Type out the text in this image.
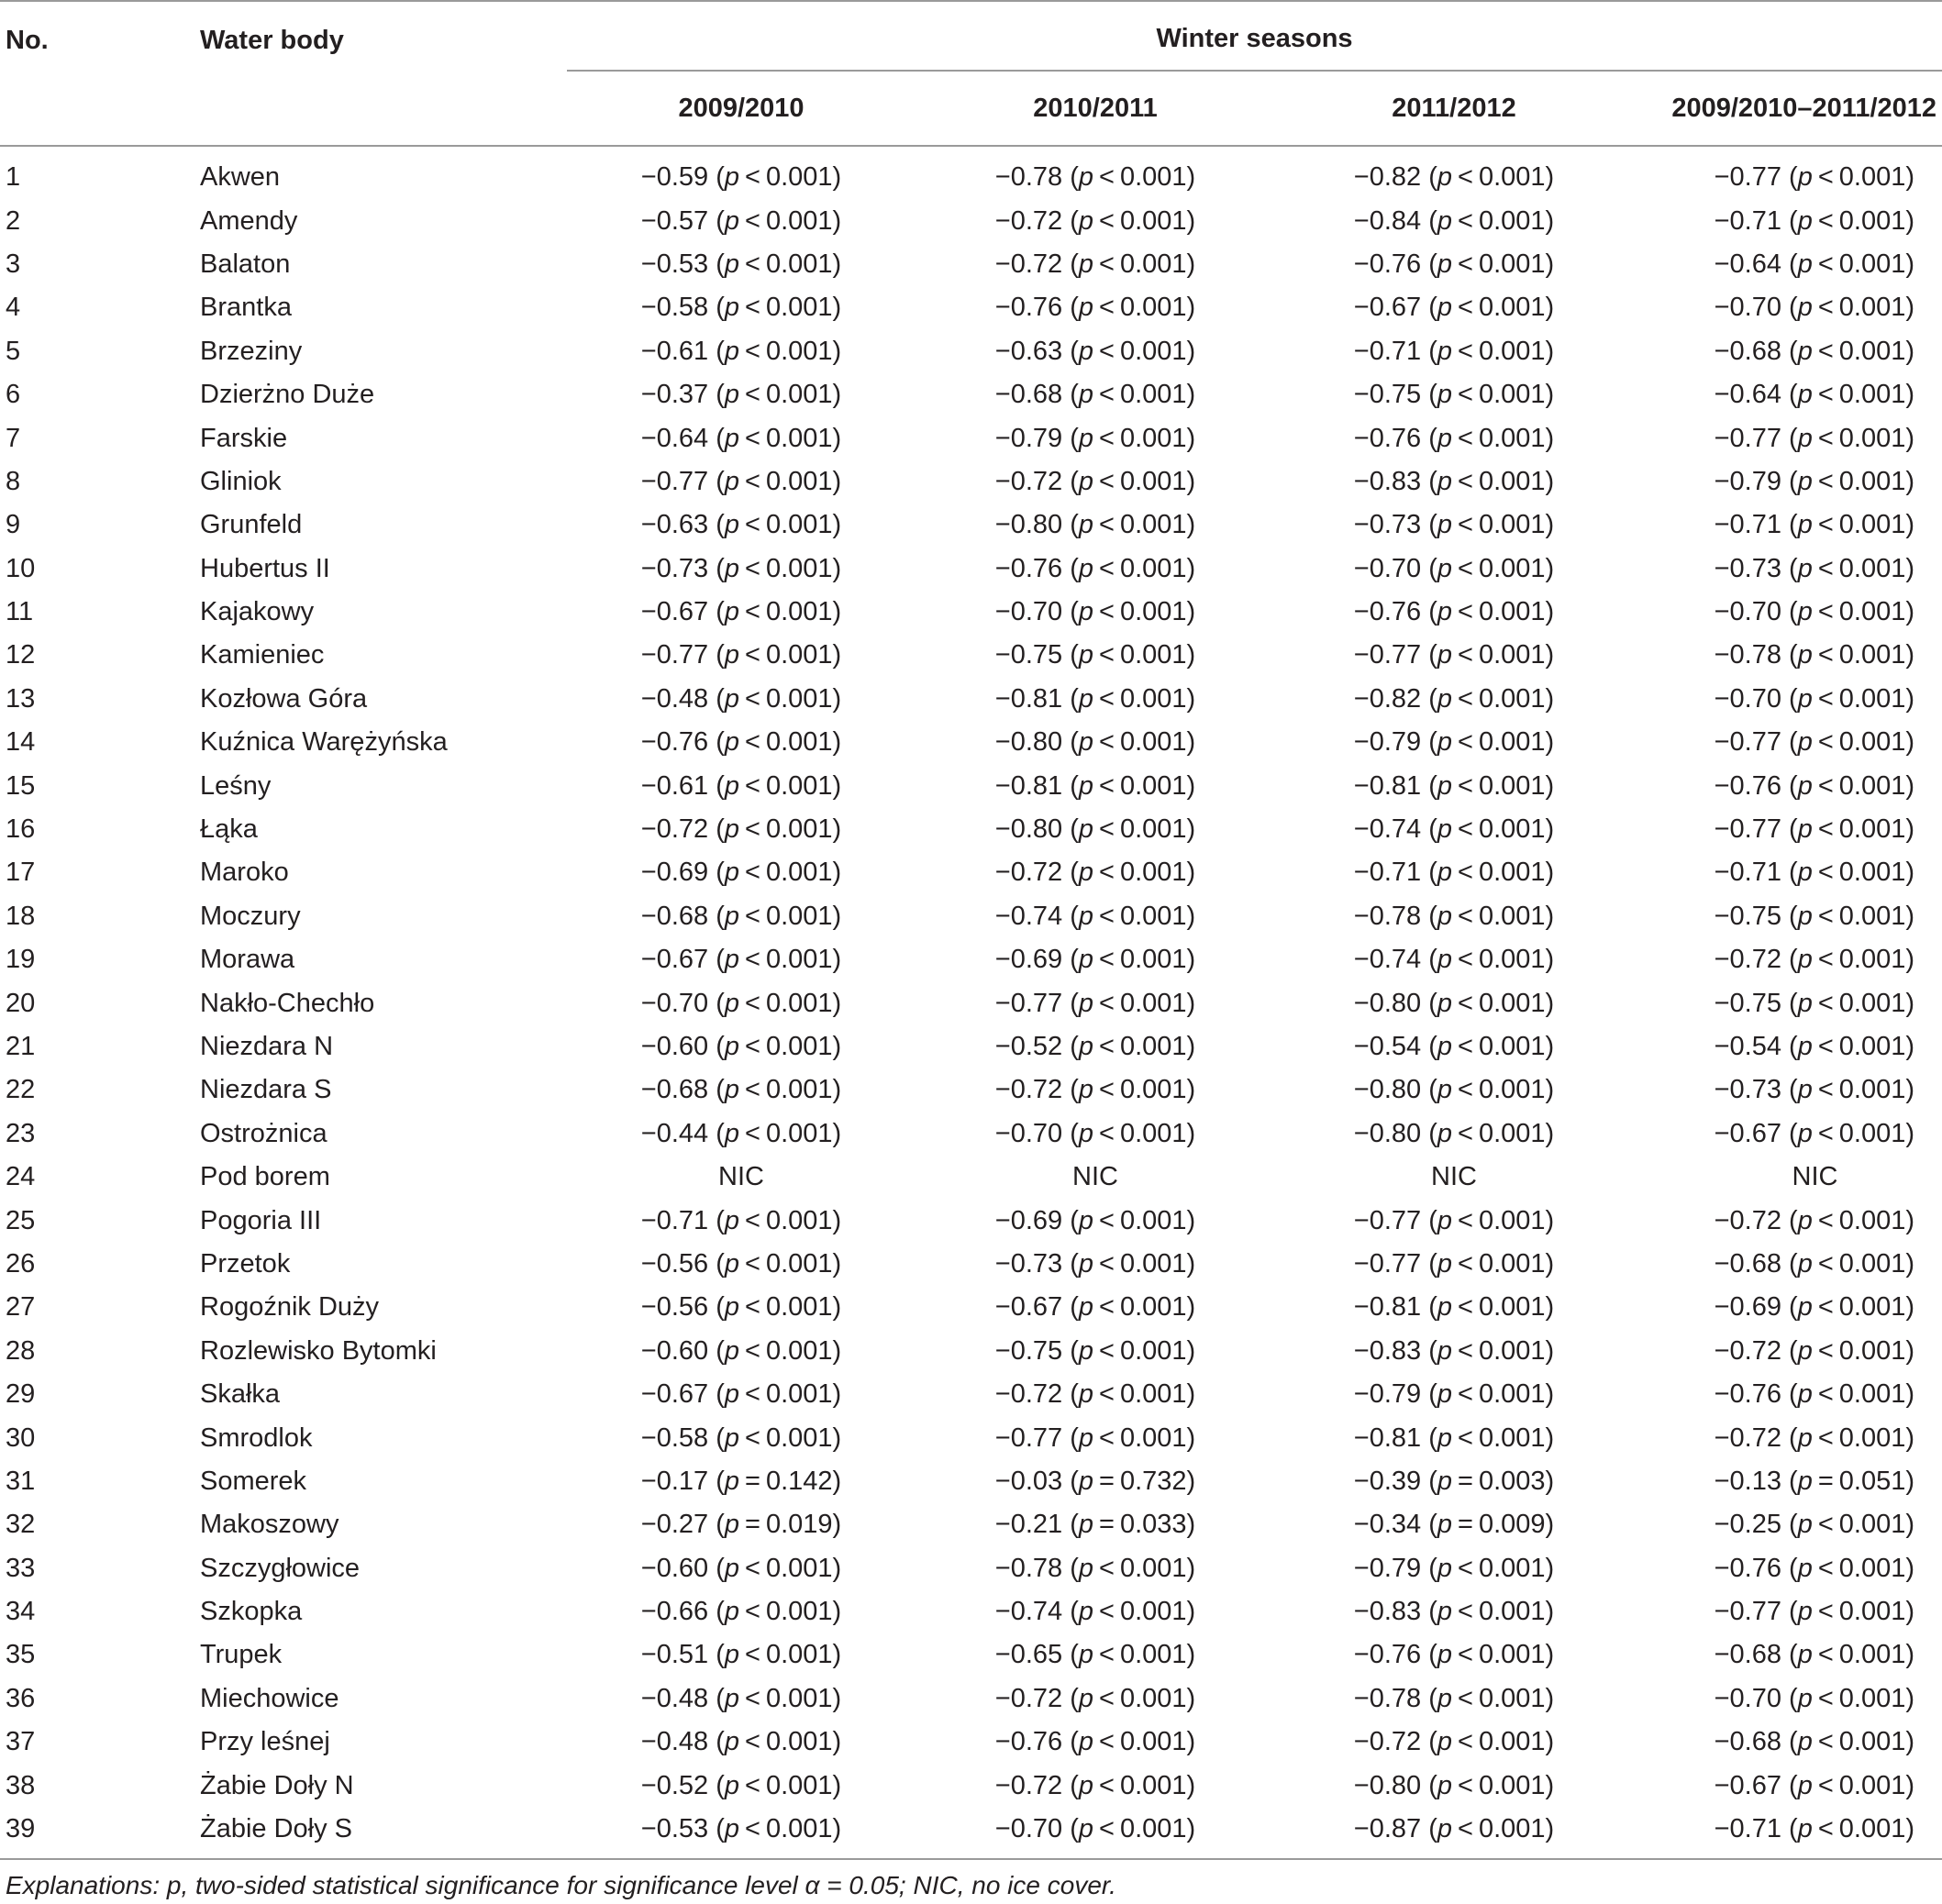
No.	Water body	Winter seasons			

		2009/2010	2010/2011	2011/2012	2009/2010–2011/2012

1	Akwen	−0.59 (p < 0.001)	−0.78 (p < 0.001)	−0.82 (p < 0.001)	−0.77 (p < 0.001)
2	Amendy	−0.57 (p < 0.001)	−0.72 (p < 0.001)	−0.84 (p < 0.001)	−0.71 (p < 0.001)
3	Balaton	−0.53 (p < 0.001)	−0.72 (p < 0.001)	−0.76 (p < 0.001)	−0.64 (p < 0.001)
4	Brantka	−0.58 (p < 0.001)	−0.76 (p < 0.001)	−0.67 (p < 0.001)	−0.70 (p < 0.001)
5	Brzeziny	−0.61 (p < 0.001)	−0.63 (p < 0.001)	−0.71 (p < 0.001)	−0.68 (p < 0.001)
6	Dzierżno Duże	−0.37 (p < 0.001)	−0.68 (p < 0.001)	−0.75 (p < 0.001)	−0.64 (p < 0.001)
7	Farskie	−0.64 (p < 0.001)	−0.79 (p < 0.001)	−0.76 (p < 0.001)	−0.77 (p < 0.001)
8	Gliniok	−0.77 (p < 0.001)	−0.72 (p < 0.001)	−0.83 (p < 0.001)	−0.79 (p < 0.001)
9	Grunfeld	−0.63 (p < 0.001)	−0.80 (p < 0.001)	−0.73 (p < 0.001)	−0.71 (p < 0.001)
10	Hubertus II	−0.73 (p < 0.001)	−0.76 (p < 0.001)	−0.70 (p < 0.001)	−0.73 (p < 0.001)
11	Kajakowy	−0.67 (p < 0.001)	−0.70 (p < 0.001)	−0.76 (p < 0.001)	−0.70 (p < 0.001)
12	Kamieniec	−0.77 (p < 0.001)	−0.75 (p < 0.001)	−0.77 (p < 0.001)	−0.78 (p < 0.001)
13	Kozłowa Góra	−0.48 (p < 0.001)	−0.81 (p < 0.001)	−0.82 (p < 0.001)	−0.70 (p < 0.001)
14	Kuźnica Warężyńska	−0.76 (p < 0.001)	−0.80 (p < 0.001)	−0.79 (p < 0.001)	−0.77 (p < 0.001)
15	Leśny	−0.61 (p < 0.001)	−0.81 (p < 0.001)	−0.81 (p < 0.001)	−0.76 (p < 0.001)
16	Łąka	−0.72 (p < 0.001)	−0.80 (p < 0.001)	−0.74 (p < 0.001)	−0.77 (p < 0.001)
17	Maroko	−0.69 (p < 0.001)	−0.72 (p < 0.001)	−0.71 (p < 0.001)	−0.71 (p < 0.001)
18	Moczury	−0.68 (p < 0.001)	−0.74 (p < 0.001)	−0.78 (p < 0.001)	−0.75 (p < 0.001)
19	Morawa	−0.67 (p < 0.001)	−0.69 (p < 0.001)	−0.74 (p < 0.001)	−0.72 (p < 0.001)
20	Nakło-Chechło	−0.70 (p < 0.001)	−0.77 (p < 0.001)	−0.80 (p < 0.001)	−0.75 (p < 0.001)
21	Niezdara N	−0.60 (p < 0.001)	−0.52 (p < 0.001)	−0.54 (p < 0.001)	−0.54 (p < 0.001)
22	Niezdara S	−0.68 (p < 0.001)	−0.72 (p < 0.001)	−0.80 (p < 0.001)	−0.73 (p < 0.001)
23	Ostrożnica	−0.44 (p < 0.001)	−0.70 (p < 0.001)	−0.80 (p < 0.001)	−0.67 (p < 0.001)
24	Pod borem	NIC	NIC	NIC	NIC
25	Pogoria III	−0.71 (p < 0.001)	−0.69 (p < 0.001)	−0.77 (p < 0.001)	−0.72 (p < 0.001)
26	Przetok	−0.56 (p < 0.001)	−0.73 (p < 0.001)	−0.77 (p < 0.001)	−0.68 (p < 0.001)
27	Rogoźnik Duży	−0.56 (p < 0.001)	−0.67 (p < 0.001)	−0.81 (p < 0.001)	−0.69 (p < 0.001)
28	Rozlewisko Bytomki	−0.60 (p < 0.001)	−0.75 (p < 0.001)	−0.83 (p < 0.001)	−0.72 (p < 0.001)
29	Skałka	−0.67 (p < 0.001)	−0.72 (p < 0.001)	−0.79 (p < 0.001)	−0.76 (p < 0.001)
30	Smrodlok	−0.58 (p < 0.001)	−0.77 (p < 0.001)	−0.81 (p < 0.001)	−0.72 (p < 0.001)
31	Somerek	−0.17 (p = 0.142)	−0.03 (p = 0.732)	−0.39 (p = 0.003)	−0.13 (p = 0.051)
32	Makoszowy	−0.27 (p = 0.019)	−0.21 (p = 0.033)	−0.34 (p = 0.009)	−0.25 (p < 0.001)
33	Szczygłowice	−0.60 (p < 0.001)	−0.78 (p < 0.001)	−0.79 (p < 0.001)	−0.76 (p < 0.001)
34	Szkopka	−0.66 (p < 0.001)	−0.74 (p < 0.001)	−0.83 (p < 0.001)	−0.77 (p < 0.001)
35	Trupek	−0.51 (p < 0.001)	−0.65 (p < 0.001)	−0.76 (p < 0.001)	−0.68 (p < 0.001)
36	Miechowice	−0.48 (p < 0.001)	−0.72 (p < 0.001)	−0.78 (p < 0.001)	−0.70 (p < 0.001)
37	Przy leśnej	−0.48 (p < 0.001)	−0.76 (p < 0.001)	−0.72 (p < 0.001)	−0.68 (p < 0.001)
38	Żabie Doły N	−0.52 (p < 0.001)	−0.72 (p < 0.001)	−0.80 (p < 0.001)	−0.67 (p < 0.001)
39	Żabie Doły S	−0.53 (p < 0.001)	−0.70 (p < 0.001)	−0.87 (p < 0.001)	−0.71 (p < 0.001)
Explanations: p, two-sided statistical significance for significance level α = 0.05; NIC, no ice cover.
